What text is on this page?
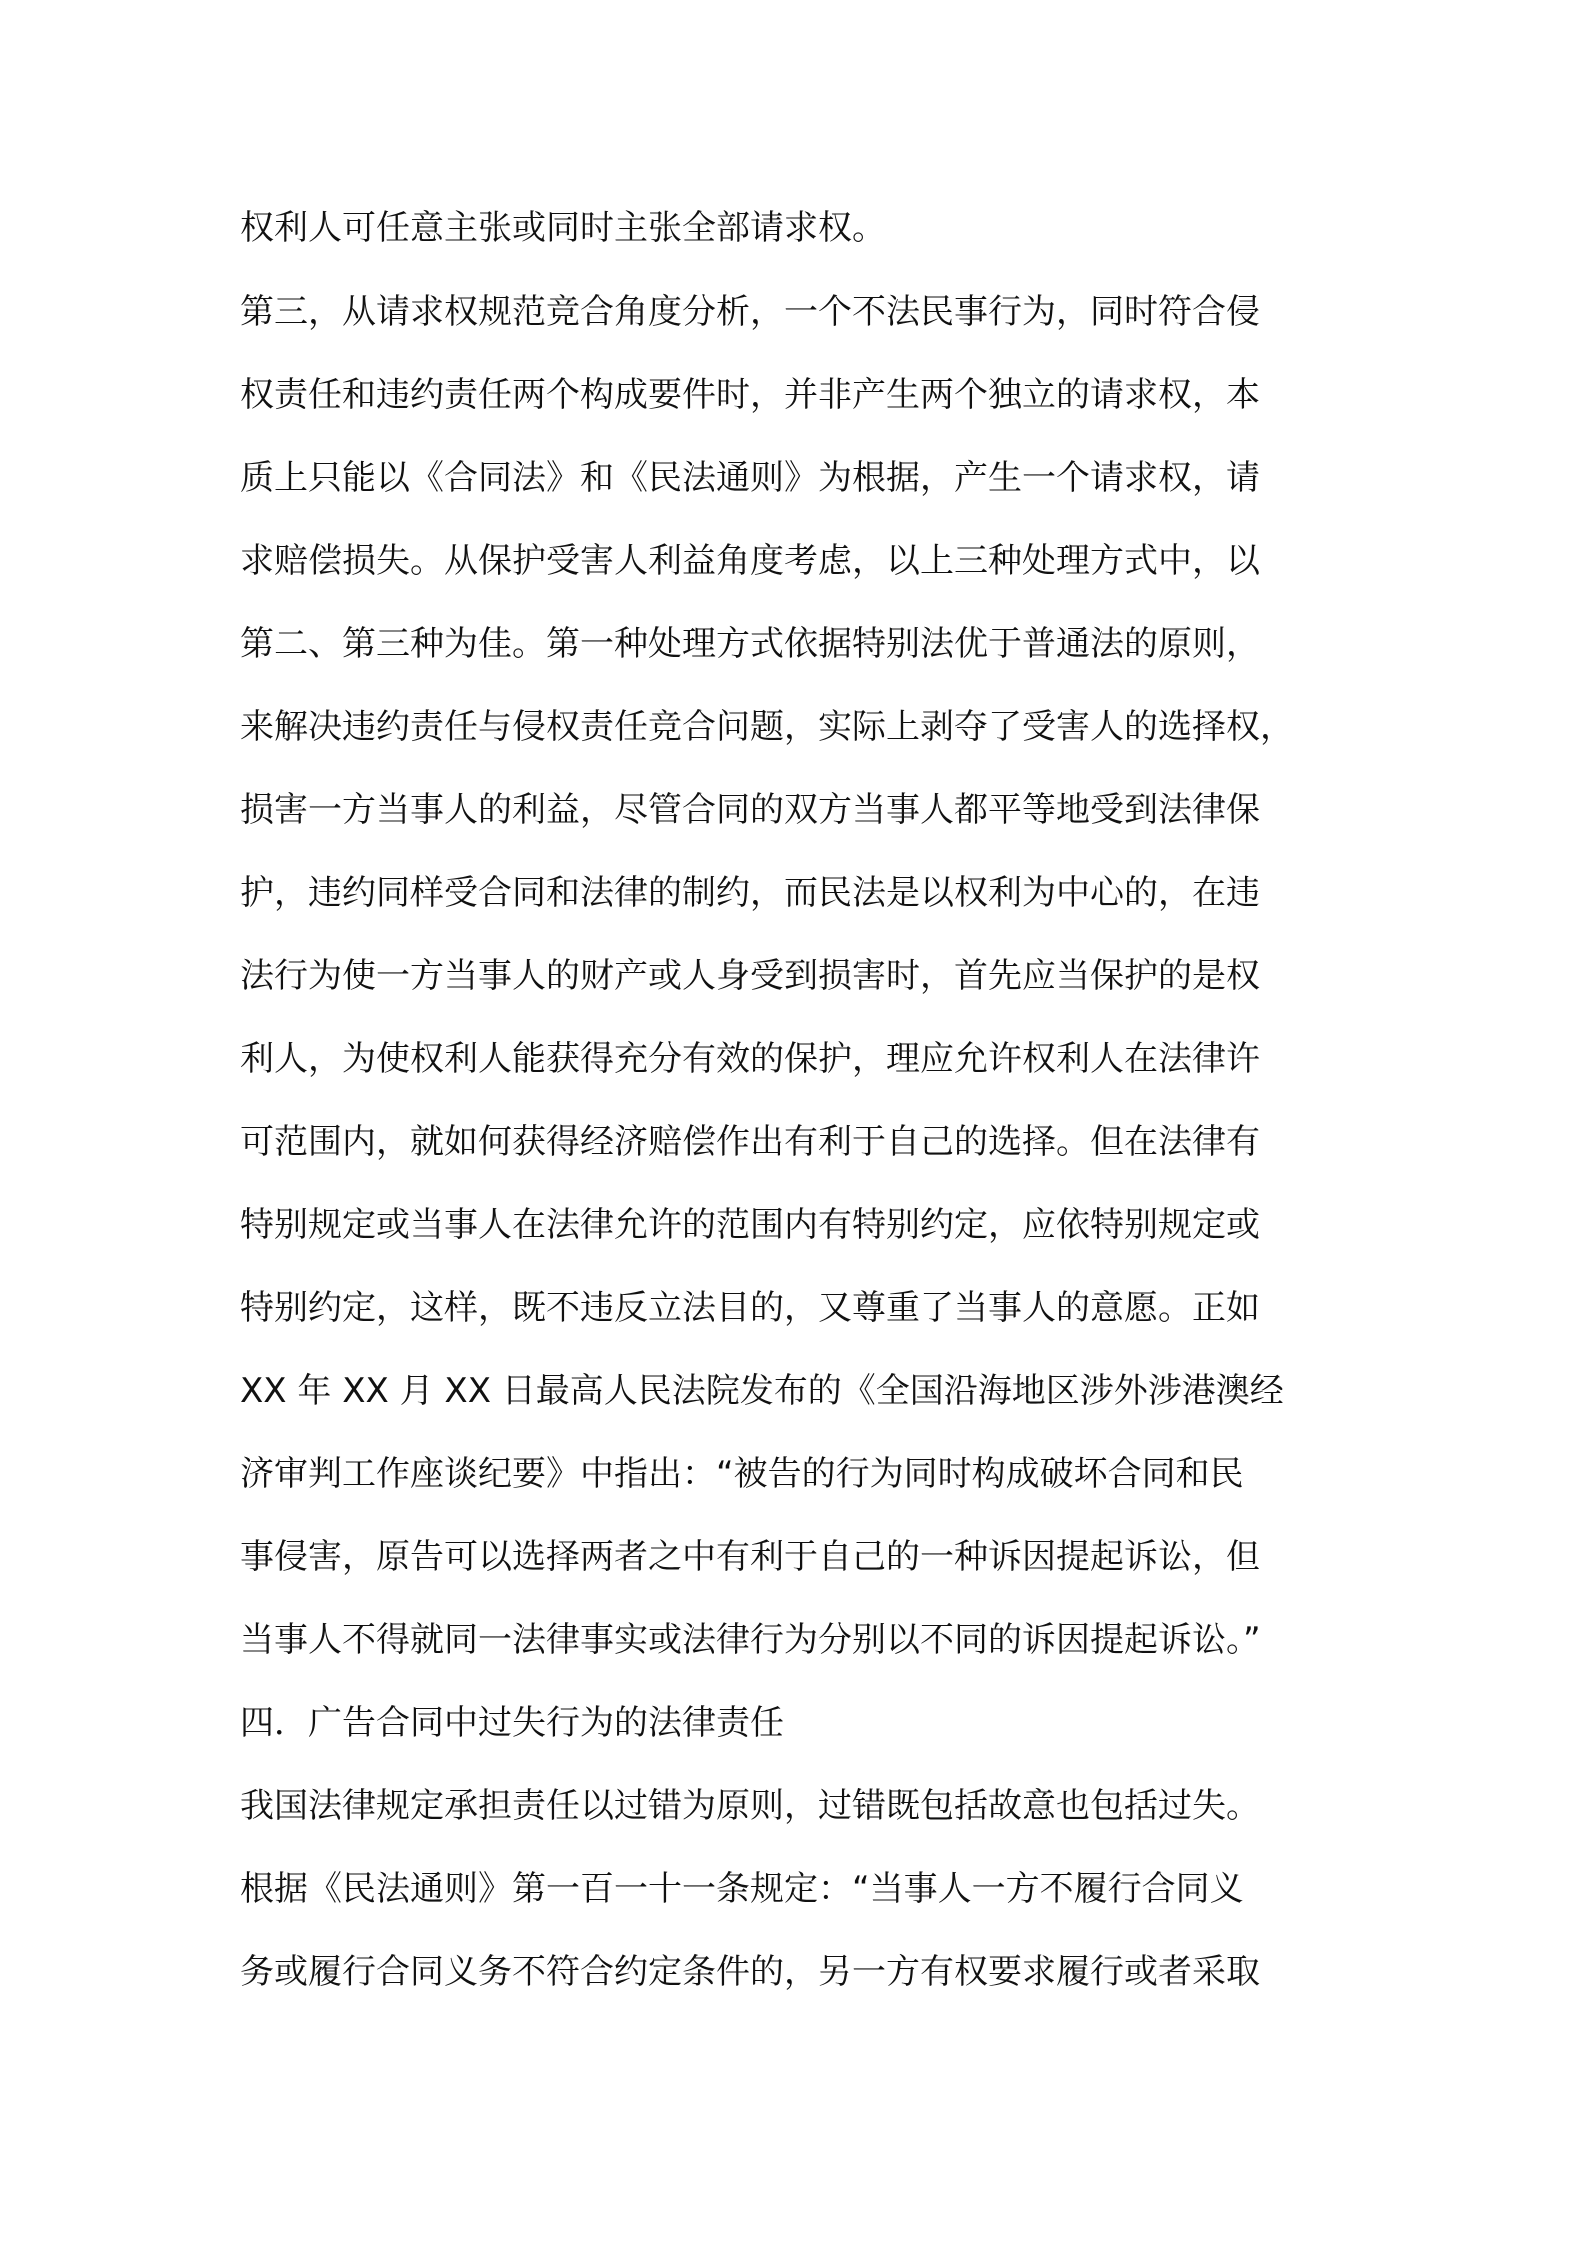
权利人可任意主张或同时主张全部请求权。
第三，从请求权规范竞合角度分析，一个不法民事行为，同时符合侵
权责任和违约责任两个构成要件时，并非产生两个独立的请求权，本
质上只能以《合同法》和《民法通则》为根据，产生一个请求权，请
求赔偿损失。从保护受害人利益角度考虑，以上三种处理方式中，以
第二、第三种为佳。第一种处理方式依据特别法优于普通法的原则，
来解决违约责任与侵权责任竞合问题，实际上剥夺了受害人的选择权，
损害一方当事人的利益，尽管合同的双方当事人都平等地受到法律保
护，违约同样受合同和法律的制约，而民法是以权利为中心的，在违
法行为使一方当事人的财产或人身受到损害时，首先应当保护的是权
利人，为使权利人能获得充分有效的保护，理应允许权利人在法律许
可范围内，就如何获得经济赔偿作出有利于自己的选择。但在法律有
特别规定或当事人在法律允许的范围内有特别约定，应依特别规定或
特别约定，这样，既不违反立法目的，又尊重了当事人的意愿。正如
XX 年 XX 月 XX 日最高人民法院发布的《全国沿海地区涉外涉港澳经
济审判工作座谈纪要》中指出：“被告的行为同时构成破坏合同和民
事侵害，原告可以选择两者之中有利于自己的一种诉因提起诉讼，但
当事人不得就同一法律事实或法律行为分别以不同的诉因提起诉讼。”
四．广告合同中过失行为的法律责任
我国法律规定承担责任以过错为原则，过错既包括故意也包括过失。
根据《民法通则》第一百一十一条规定：“当事人一方不履行合同义
务或履行合同义务不符合约定条件的，另一方有权要求履行或者采取
